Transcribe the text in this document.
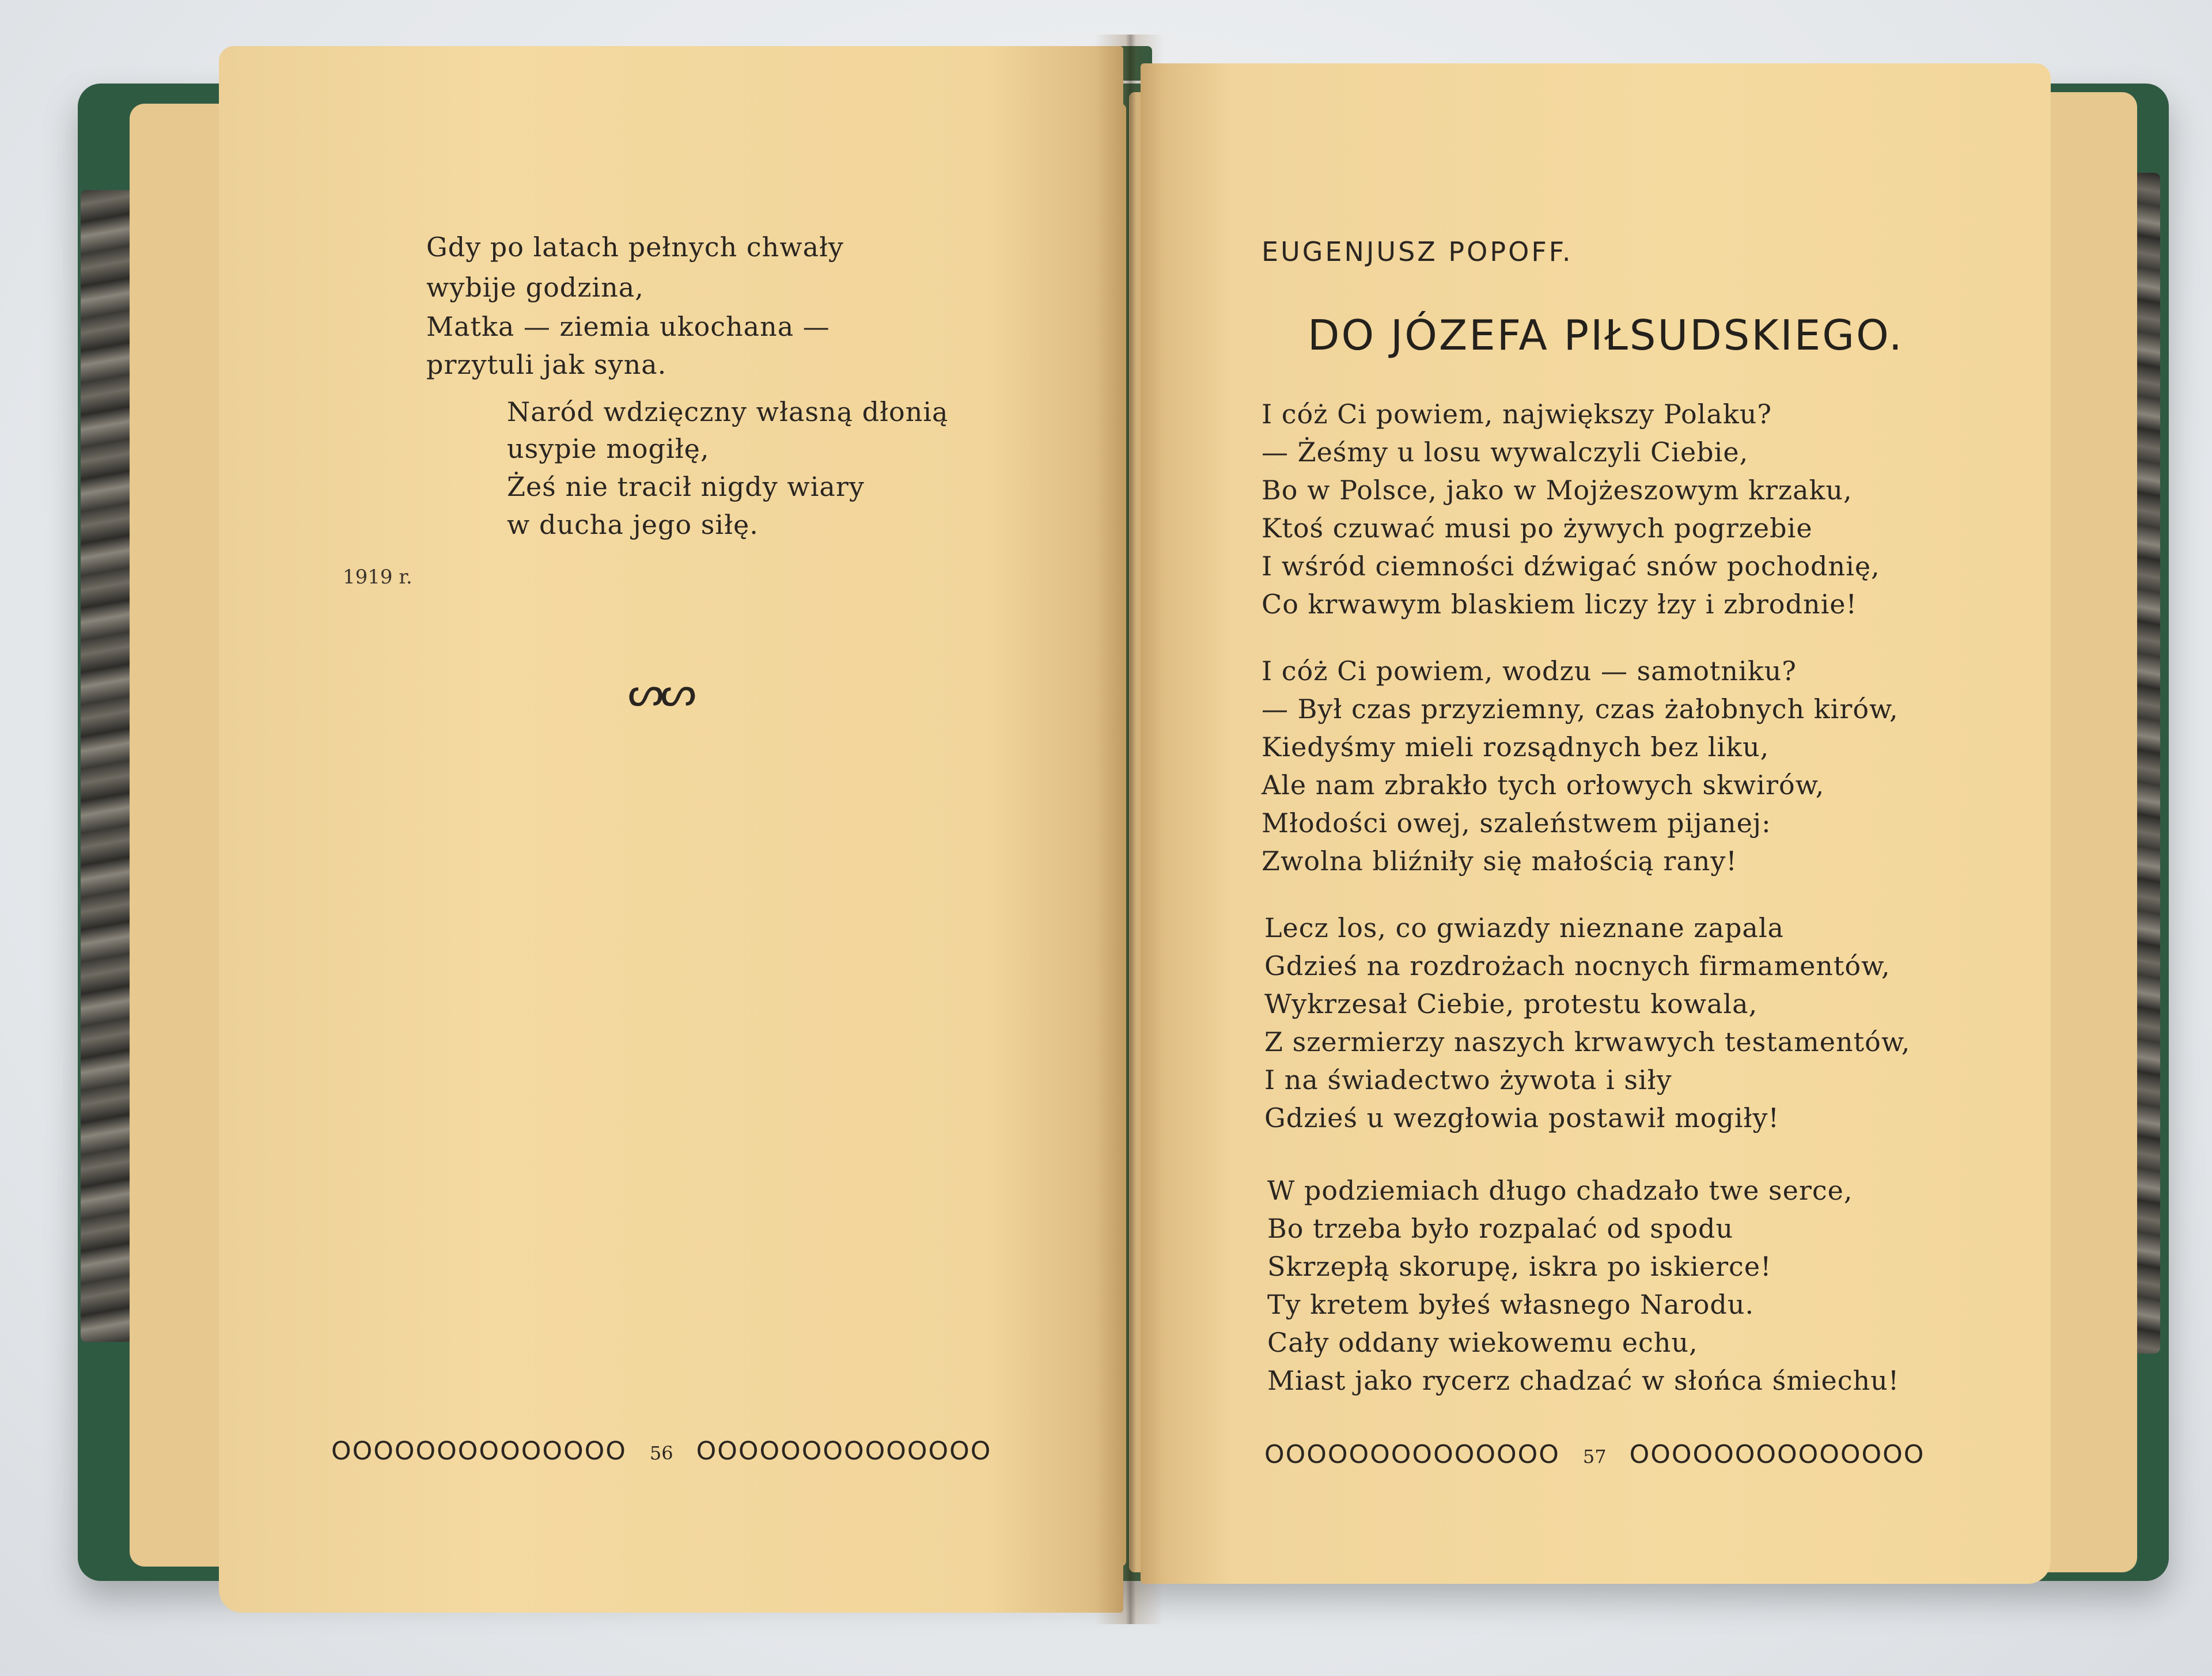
Gdy po latach pełnych chwały
wybije godzina,
Matka — ziemia ukochana —
przytuli jak syna.
Naród wdzięczny własną dłonią
usypie mogiłę,
Żeś nie tracił nigdy wiary
w ducha jego siłę.
1919 r.
ᔕᔕ
OOOOOOOOOOOOOO 56 OOOOOOOOOOOOOO
EUGENJUSZ POPOFF.
DO JÓZEFA PIŁSUDSKIEGO.
I cóż Ci powiem, największy Polaku?
— Żeśmy u losu wywalczyli Ciebie,
Bo w Polsce, jako w Mojżeszowym krzaku,
Ktoś czuwać musi po żywych pogrzebie
I wśród ciemności dźwigać snów pochodnię,
Co krwawym blaskiem liczy łzy i zbrodnie!
I cóż Ci powiem, wodzu — samotniku?
— Był czas przyziemny, czas żałobnych kirów,
Kiedyśmy mieli rozsądnych bez liku,
Ale nam zbrakło tych orłowych skwirów,
Młodości owej, szaleństwem pijanej:
Zwolna bliźniły się małością rany!
Lecz los, co gwiazdy nieznane zapala
Gdzieś na rozdrożach nocnych firmamentów,
Wykrzesał Ciebie, protestu kowala,
Z szermierzy naszych krwawych testamentów,
I na świadectwo żywota i siły
Gdzieś u wezgłowia postawił mogiły!
W podziemiach długo chadzało twe serce,
Bo trzeba było rozpalać od spodu
Skrzepłą skorupę, iskra po iskierce!
Ty kretem byłeś własnego Narodu.
Cały oddany wiekowemu echu,
Miast jako rycerz chadzać w słońca śmiechu!
OOOOOOOOOOOOOO 57 OOOOOOOOOOOOOO
